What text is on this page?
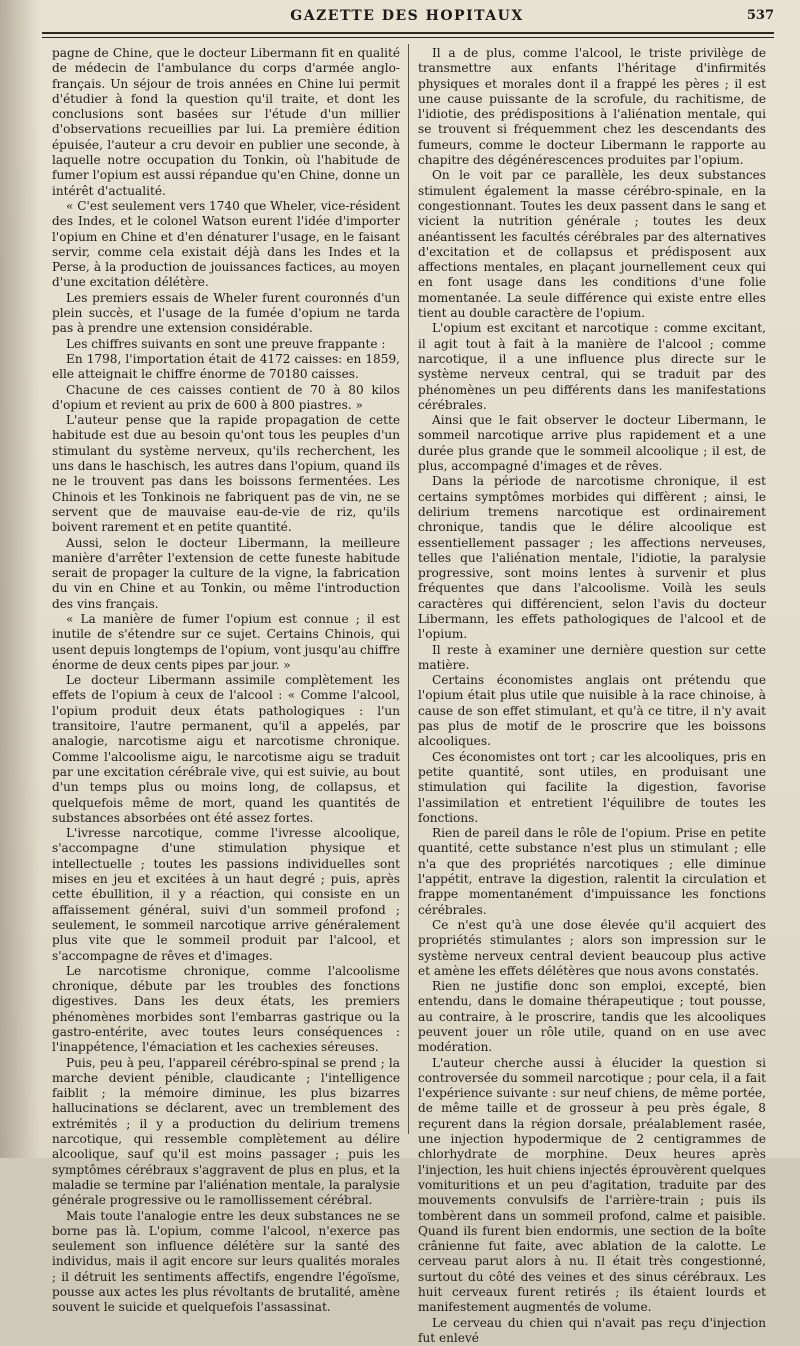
GAZETTE DES HOPITAUX	537

pagne de Chine, que le docteur Libermann fit en qualité de médecin de l'ambulance du corps d'armée anglo-français. Un séjour de trois années en Chine lui permit d'étudier à fond la question qu'il traite, et dont les conclusions sont basées sur l'étude d'un millier d'observations recueillies par lui. La première édition épuisée, l'auteur a cru devoir en publier une seconde, à laquelle notre occupation du Tonkin, où l'habitude de fumer l'opium est aussi répandue qu'en Chine, donne un intérêt d'actualité.

« C'est seulement vers 1740 que Wheler, vice-résident des Indes, et le colonel Watson eurent l'idée d'importer l'opium en Chine et d'en dénaturer l'usage, en le faisant servir, comme cela existait déjà dans les Indes et la Perse, à la production de jouissances factices, au moyen d'une excitation délétère.

Les premiers essais de Wheler furent couronnés d'un plein succès, et l'usage de la fumée d'opium ne tarda pas à prendre une extension considérable.

Les chiffres suivants en sont une preuve frappante :

En 1798, l'importation était de 4172 caisses: en 1859, elle atteignait le chiffre énorme de 70180 caisses.

Chacune de ces caisses contient de 70 à 80 kilos d'opium et revient au prix de 600 à 800 piastres. »

L'auteur pense que la rapide propagation de cette habitude est due au besoin qu'ont tous les peuples d'un stimulant du système nerveux, qu'ils recherchent, les uns dans le haschisch, les autres dans l'opium, quand ils ne le trouvent pas dans les boissons fermentées. Les Chinois et les Tonkinois ne fabriquent pas de vin, ne se servent que de mauvaise eau-de-vie de riz, qu'ils boivent rarement et en petite quantité.

Aussi, selon le docteur Libermann, la meilleure manière d'arrêter l'extension de cette funeste habitude serait de propager la culture de la vigne, la fabrication du vin en Chine et au Tonkin, ou même l'introduction des vins français.

« La manière de fumer l'opium est connue ; il est inutile de s'étendre sur ce sujet. Certains Chinois, qui usent depuis longtemps de l'opium, vont jusqu'au chiffre énorme de deux cents pipes par jour. »

Le docteur Libermann assimile complètement les effets de l'opium à ceux de l'alcool : « Comme l'alcool, l'opium produit deux états pathologiques : l'un transitoire, l'autre permanent, qu'il a appelés, par analogie, narcotisme aigu et narcotisme chronique. Comme l'alcoolisme aigu, le narcotisme aigu se traduit par une excitation cérébrale vive, qui est suivie, au bout d'un temps plus ou moins long, de collapsus, et quelquefois même de mort, quand les quantités de substances absorbées ont été assez fortes.

L'ivresse narcotique, comme l'ivresse alcoolique, s'accompagne d'une stimulation physique et intellectuelle ; toutes les passions individuelles sont mises en jeu et excitées à un haut degré ; puis, après cette ébullition, il y a réaction, qui consiste en un affaissement général, suivi d'un sommeil profond ; seulement, le sommeil narcotique arrive généralement plus vite que le sommeil produit par l'alcool, et s'accompagne de rêves et d'images.

Le narcotisme chronique, comme l'alcoolisme chronique, débute par les troubles des fonctions digestives. Dans les deux états, les premiers phénomènes morbides sont l'embarras gastrique ou la gastro-entérite, avec toutes leurs conséquences : l'inappétence, l'émaciation et les cachexies séreuses.

Puis, peu à peu, l'appareil cérébro-spinal se prend ; la marche devient pénible, claudicante ; l'intelligence faiblit ; la mémoire diminue, les plus bizarres hallucinations se déclarent, avec un tremblement des extrémités ; il y a production du delirium tremens narcotique, qui ressemble complètement au délire alcoolique, sauf qu'il est moins passager ; puis les symptômes cérébraux s'aggravent de plus en plus, et la maladie se termine par l'aliénation mentale, la paralysie générale progressive ou le ramollissement cérébral.

Mais toute l'analogie entre les deux substances ne se borne pas là. L'opium, comme l'alcool, n'exerce pas seulement son influence délétère sur la santé des individus, mais il agit encore sur leurs qualités morales ; il détruit les sentiments affectifs, engendre l'égoïsme, pousse aux actes les plus révoltants de brutalité, amène souvent le suicide et quelquefois l'assassinat.

Il a de plus, comme l'alcool, le triste privilège de transmettre aux enfants l'héritage d'infirmités physiques et morales dont il a frappé les pères ; il est une cause puissante de la scrofule, du rachitisme, de l'idiotie, des prédispositions à l'aliénation mentale, qui se trouvent si fréquemment chez les descendants des fumeurs, comme le docteur Libermann le rapporte au chapitre des dégénérescences produites par l'opium.

On le voit par ce parallèle, les deux substances stimulent également la masse cérébro-spinale, en la congestionnant. Toutes les deux passent dans le sang et vicient la nutrition générale ; toutes les deux anéantissent les facultés cérébrales par des alternatives d'excitation et de collapsus et prédisposent aux affections mentales, en plaçant journellement ceux qui en font usage dans les conditions d'une folie momentanée. La seule différence qui existe entre elles tient au double caractère de l'opium.

L'opium est excitant et narcotique : comme excitant, il agit tout à fait à la manière de l'alcool ; comme narcotique, il a une influence plus directe sur le système nerveux central, qui se traduit par des phénomènes un peu différents dans les manifestations cérébrales.

Ainsi que le fait observer le docteur Libermann, le sommeil narcotique arrive plus rapidement et a une durée plus grande que le sommeil alcoolique ; il est, de plus, accompagné d'images et de rêves.

Dans la période de narcotisme chronique, il est certains symptômes morbides qui diffèrent ; ainsi, le delirium tremens narcotique est ordinairement chronique, tandis que le délire alcoolique est essentiellement passager ; les affections nerveuses, telles que l'aliénation mentale, l'idiotie, la paralysie progressive, sont moins lentes à survenir et plus fréquentes que dans l'alcoolisme. Voilà les seuls caractères qui différencient, selon l'avis du docteur Libermann, les effets pathologiques de l'alcool et de l'opium.

Il reste à examiner une dernière question sur cette matière.

Certains économistes anglais ont prétendu que l'opium était plus utile que nuisible à la race chinoise, à cause de son effet stimulant, et qu'à ce titre, il n'y avait pas plus de motif de le proscrire que les boissons alcooliques.

Ces économistes ont tort ; car les alcooliques, pris en petite quantité, sont utiles, en produisant une stimulation qui facilite la digestion, favorise l'assimilation et entretient l'équilibre de toutes les fonctions.

Rien de pareil dans le rôle de l'opium. Prise en petite quantité, cette substance n'est plus un stimulant ; elle n'a que des propriétés narcotiques ; elle diminue l'appétit, entrave la digestion, ralentit la circulation et frappe momentanément d'impuissance les fonctions cérébrales.

Ce n'est qu'à une dose élevée qu'il acquiert des propriétés stimulantes ; alors son impression sur le système nerveux central devient beaucoup plus active et amène les effets délétères que nous avons constatés.

Rien ne justifie donc son emploi, excepté, bien entendu, dans le domaine thérapeutique ; tout pousse, au contraire, à le proscrire, tandis que les alcooliques peuvent jouer un rôle utile, quand on en use avec modération.

L'auteur cherche aussi à élucider la question si controversée du sommeil narcotique ; pour cela, il a fait l'expérience suivante : sur neuf chiens, de même portée, de même taille et de grosseur à peu près égale, 8 reçurent dans la région dorsale, préalablement rasée, une injection hypodermique de 2 centigrammes de chlorhydrate de morphine. Deux heures après l'injection, les huit chiens injectés éprouvèrent quelques vomituritions et un peu d'agitation, traduite par des mouvements convulsifs de l'arrière-train ; puis ils tombèrent dans un sommeil profond, calme et paisible. Quand ils furent bien endormis, une section de la boîte crânienne fut faite, avec ablation de la calotte. Le cerveau parut alors à nu. Il était très congestionné, surtout du côté des veines et des sinus cérébraux. Les huit cerveaux furent retirés ; ils étaient lourds et manifestement augmentés de volume.

Le cerveau du chien qui n'avait pas reçu d'injection fut enlevé
